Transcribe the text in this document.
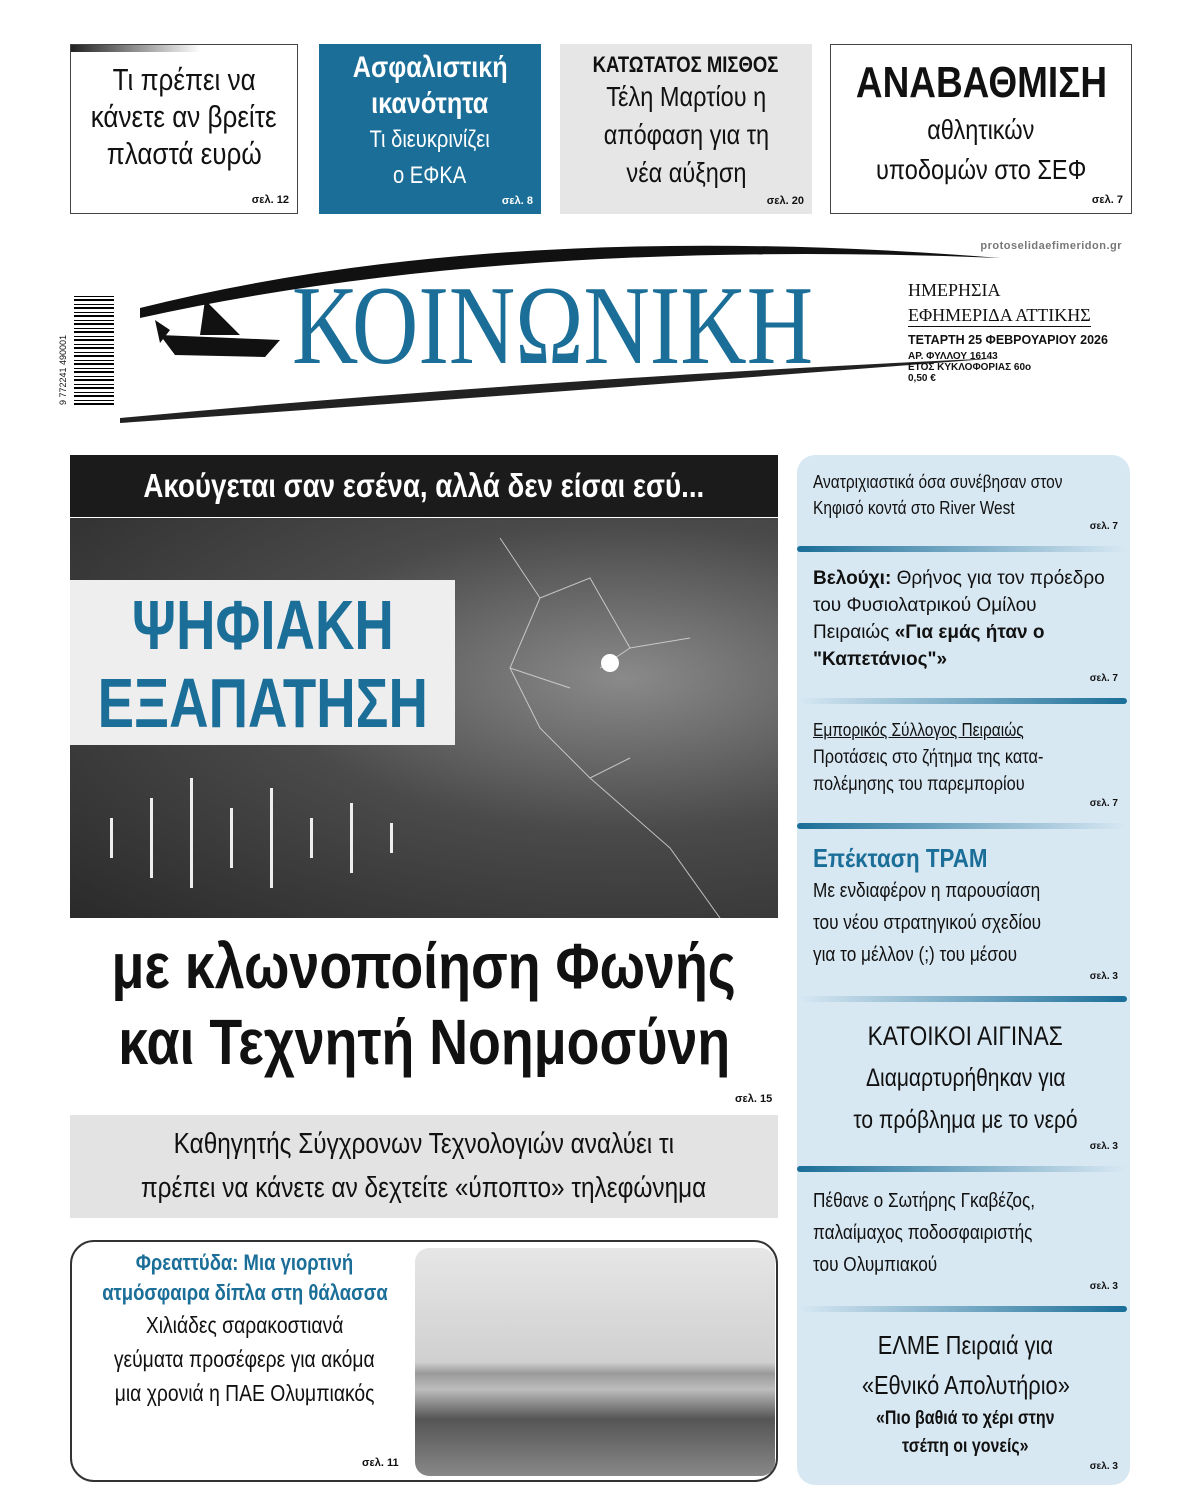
Τι πρέπει να
κάνετε αν βρείτε
πλαστά ευρώ
σελ. 12
Ασφαλιστική
ικανότητα
Τι διευκρινίζει
ο ΕΦΚΑ
σελ. 8
ΚΑΤΩΤΑΤΟΣ ΜΙΣΘΟΣ
Τέλη Μαρτίου η
απόφαση για τη
νέα αύξηση
σελ. 20
ΑΝΑΒΑΘΜΙΣΗ
αθλητικών
υποδομών στο ΣΕΦ
σελ. 7
protoselidaefimeridon.gr
ΚΟΙΝΩΝΙΚΗ
9 772241 490001
ΗΜΕΡΗΣΙΑ
ΕΦΗΜΕΡΙΔΑ ΑΤΤΙΚΗΣ
ΤΕΤΑΡΤΗ 25 ΦΕΒΡΟΥΑΡΙΟΥ 2026
ΑΡ. ΦΥΛΛΟΥ 16143
ΕΤΟΣ ΚΥΚΛΟΦΟΡΙΑΣ 60ο
0,50 €
Ακούγεται σαν εσένα, αλλά δεν είσαι εσύ...
ΨΗΦΙΑΚΗ
ΕΞΑΠΑΤΗΣΗ
με κλωνοποίηση Φωνής
και Τεχνητή Νοημοσύνη
σελ. 15
Καθηγητής Σύγχρονων Τεχνολογιών αναλύει τι
πρέπει να κάνετε αν δεχτείτε «ύποπτο» τηλεφώνημα
Φρεαττύδα: Μια γιορτινή
ατμόσφαιρα δίπλα στη θάλασσα
Χιλιάδες σαρακοστιανά
γεύματα προσέφερε για ακόμα
μια χρονιά η ΠΑΕ Ολυμπιακός
σελ. 11
Ανατριχιαστικά όσα συνέβησαν στον
Κηφισό κοντά στο River West
σελ. 7
Βελούχι: Θρήνος για τον πρόεδρο του Φυσιολατρικού Ομίλου Πειραιώς «Για εμάς ήταν ο "Καπετάνιος"»
σελ. 7
Εμπορικός Σύλλογος Πειραιώς
Προτάσεις στο ζήτημα της κατα-
πολέμησης του παρεμπορίου
σελ. 7
Επέκταση ΤΡΑΜ
Με ενδιαφέρον η παρουσίαση
του νέου στρατηγικού σχεδίου
για το μέλλον (;) του μέσου
σελ. 3
ΚΑΤΟΙΚΟΙ ΑΙΓΙΝΑΣ
Διαμαρτυρήθηκαν για
το πρόβλημα με το νερό
σελ. 3
Πέθανε ο Σωτήρης Γκαβέζος,
παλαίμαχος ποδοσφαιριστής
του Ολυμπιακού
σελ. 3
ΕΛΜΕ Πειραιά για
«Εθνικό Απολυτήριο»
«Πιο βαθιά το χέρι στην
τσέπη οι γονείς»
σελ. 3
